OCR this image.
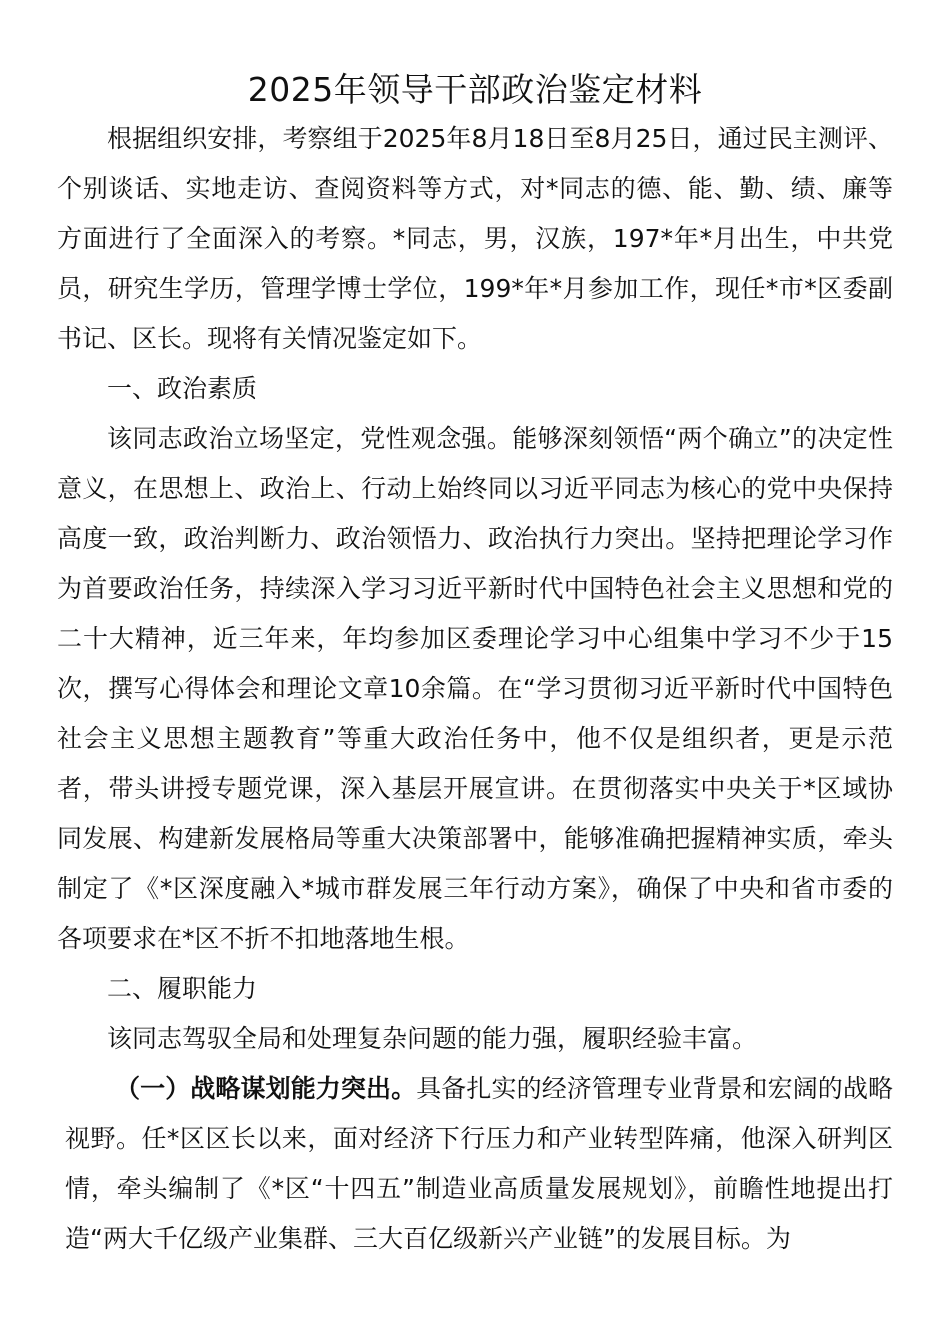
2025年领导干部政治鉴定材料

根据组织安排，考察组于2025年8月18日至8月25日，通过民主测评、个别谈话、实地走访、查阅资料等方式，对*同志的德、能、勤、绩、廉等方面进行了全面深入的考察。*同志，男，汉族，197*年*月出生，中共党员，研究生学历，管理学博士学位，199*年*月参加工作，现任*市*区委副书记、区长。现将有关情况鉴定如下。

一、政治素质

该同志政治立场坚定，党性观念强。能够深刻领悟“两个确立”的决定性意义，在思想上、政治上、行动上始终同以习近平同志为核心的党中央保持高度一致，政治判断力、政治领悟力、政治执行力突出。坚持把理论学习作为首要政治任务，持续深入学习习近平新时代中国特色社会主义思想和党的二十大精神，近三年来，年均参加区委理论学习中心组集中学习不少于15次，撰写心得体会和理论文章10余篇。在“学习贯彻习近平新时代中国特色社会主义思想主题教育”等重大政治任务中，他不仅是组织者，更是示范者，带头讲授专题党课，深入基层开展宣讲。在贯彻落实中央关于*区域协同发展、构建新发展格局等重大决策部署中，能够准确把握精神实质，牵头制定了《*区深度融入*城市群发展三年行动方案》，确保了中央和省市委的各项要求在*区不折不扣地落地生根。

二、履职能力

该同志驾驭全局和处理复杂问题的能力强，履职经验丰富。

（一）战略谋划能力突出。具备扎实的经济管理专业背景和宏阔的战略视野。任*区区长以来，面对经济下行压力和产业转型阵痛，他深入研判区情，牵头编制了《*区“十四五”制造业高质量发展规划》，前瞻性地提出打造“两大千亿级产业集群、三大百亿级新兴产业链”的发展目标。为
